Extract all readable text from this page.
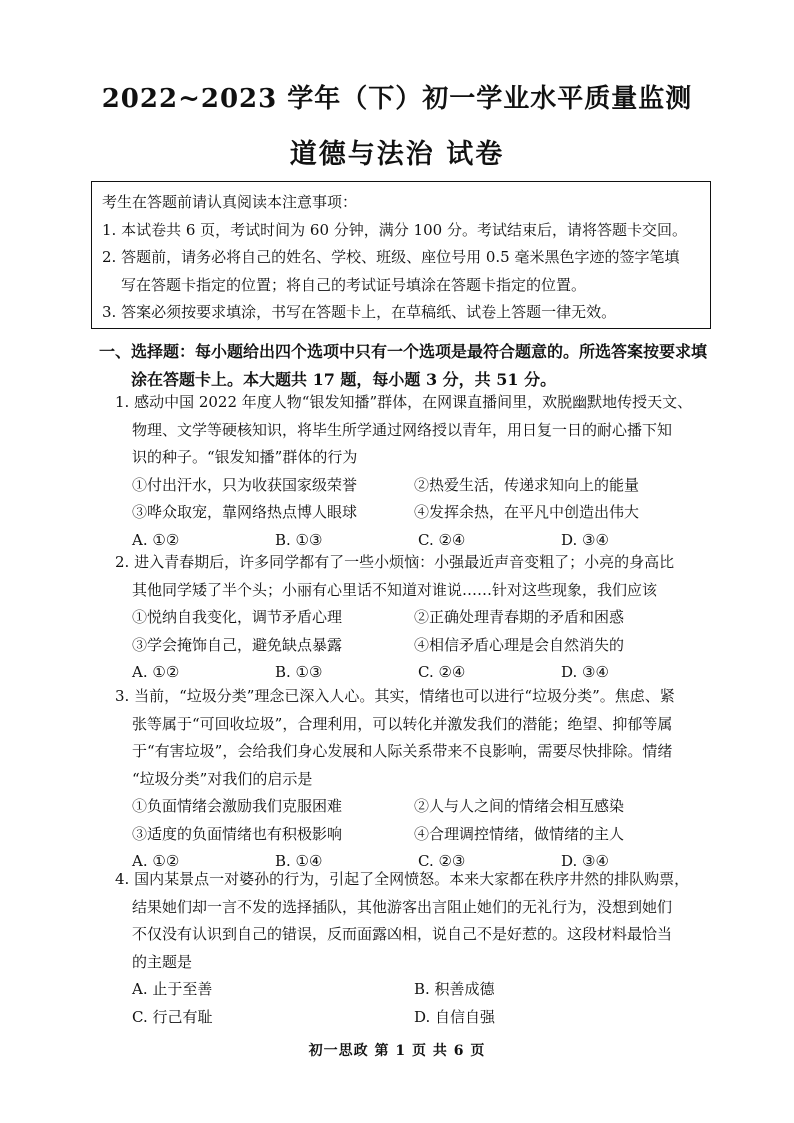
2022~2023 学年（下）初一学业水平质量监测
道德与法治 试卷
考生在答题前请认真阅读本注意事项：
1. 本试卷共 6 页，考试时间为 60 分钟，满分 100 分。考试结束后，请将答题卡交回。
2. 答题前，请务必将自己的姓名、学校、班级、座位号用 0.5 毫米黑色字迹的签字笔填
写在答题卡指定的位置；将自己的考试证号填涂在答题卡指定的位置。
3. 答案必须按要求填涂，书写在答题卡上，在草稿纸、试卷上答题一律无效。
一、选择题：每小题给出四个选项中只有一个选项是最符合题意的。所选答案按要求填
涂在答题卡上。本大题共 17 题，每小题 3 分，共 51 分。
1. 感动中国 2022 年度人物“银发知播”群体，在网课直播间里，欢脱幽默地传授天文、
物理、文学等硬核知识，将毕生所学通过网络授以青年，用日复一日的耐心播下知
识的种子。“银发知播”群体的行为
①付出汗水，只为收获国家级荣誉	②热爱生活，传递求知向上的能量
③哗众取宠，靠网络热点博人眼球	④发挥余热，在平凡中创造出伟大
A. ①②	B. ①③	C. ②④	D. ③④
2. 进入青春期后，许多同学都有了一些小烦恼：小强最近声音变粗了；小亮的身高比
其他同学矮了半个头；小丽有心里话不知道对谁说……针对这些现象，我们应该
①悦纳自我变化，调节矛盾心理	②正确处理青春期的矛盾和困惑
③学会掩饰自己，避免缺点暴露	④相信矛盾心理是会自然消失的
A. ①②	B. ①③	C. ②④	D. ③④
3. 当前，“垃圾分类”理念已深入人心。其实，情绪也可以进行“垃圾分类”。焦虑、紧
张等属于“可回收垃圾”，合理利用，可以转化并激发我们的潜能；绝望、抑郁等属
于“有害垃圾”，会给我们身心发展和人际关系带来不良影响，需要尽快排除。情绪
“垃圾分类”对我们的启示是
①负面情绪会激励我们克服困难	②人与人之间的情绪会相互感染
③适度的负面情绪也有积极影响	④合理调控情绪，做情绪的主人
A. ①②	B. ①④	C. ②③	D. ③④
4. 国内某景点一对婆孙的行为，引起了全网愤怒。本来大家都在秩序井然的排队购票，
结果她们却一言不发的选择插队，其他游客出言阻止她们的无礼行为，没想到她们
不仅没有认识到自己的错误，反而面露凶相，说自己不是好惹的。这段材料最恰当
的主题是
A. 止于至善	B. 积善成德
C. 行己有耻	D. 自信自强
初一思政 第 1 页 共 6 页
